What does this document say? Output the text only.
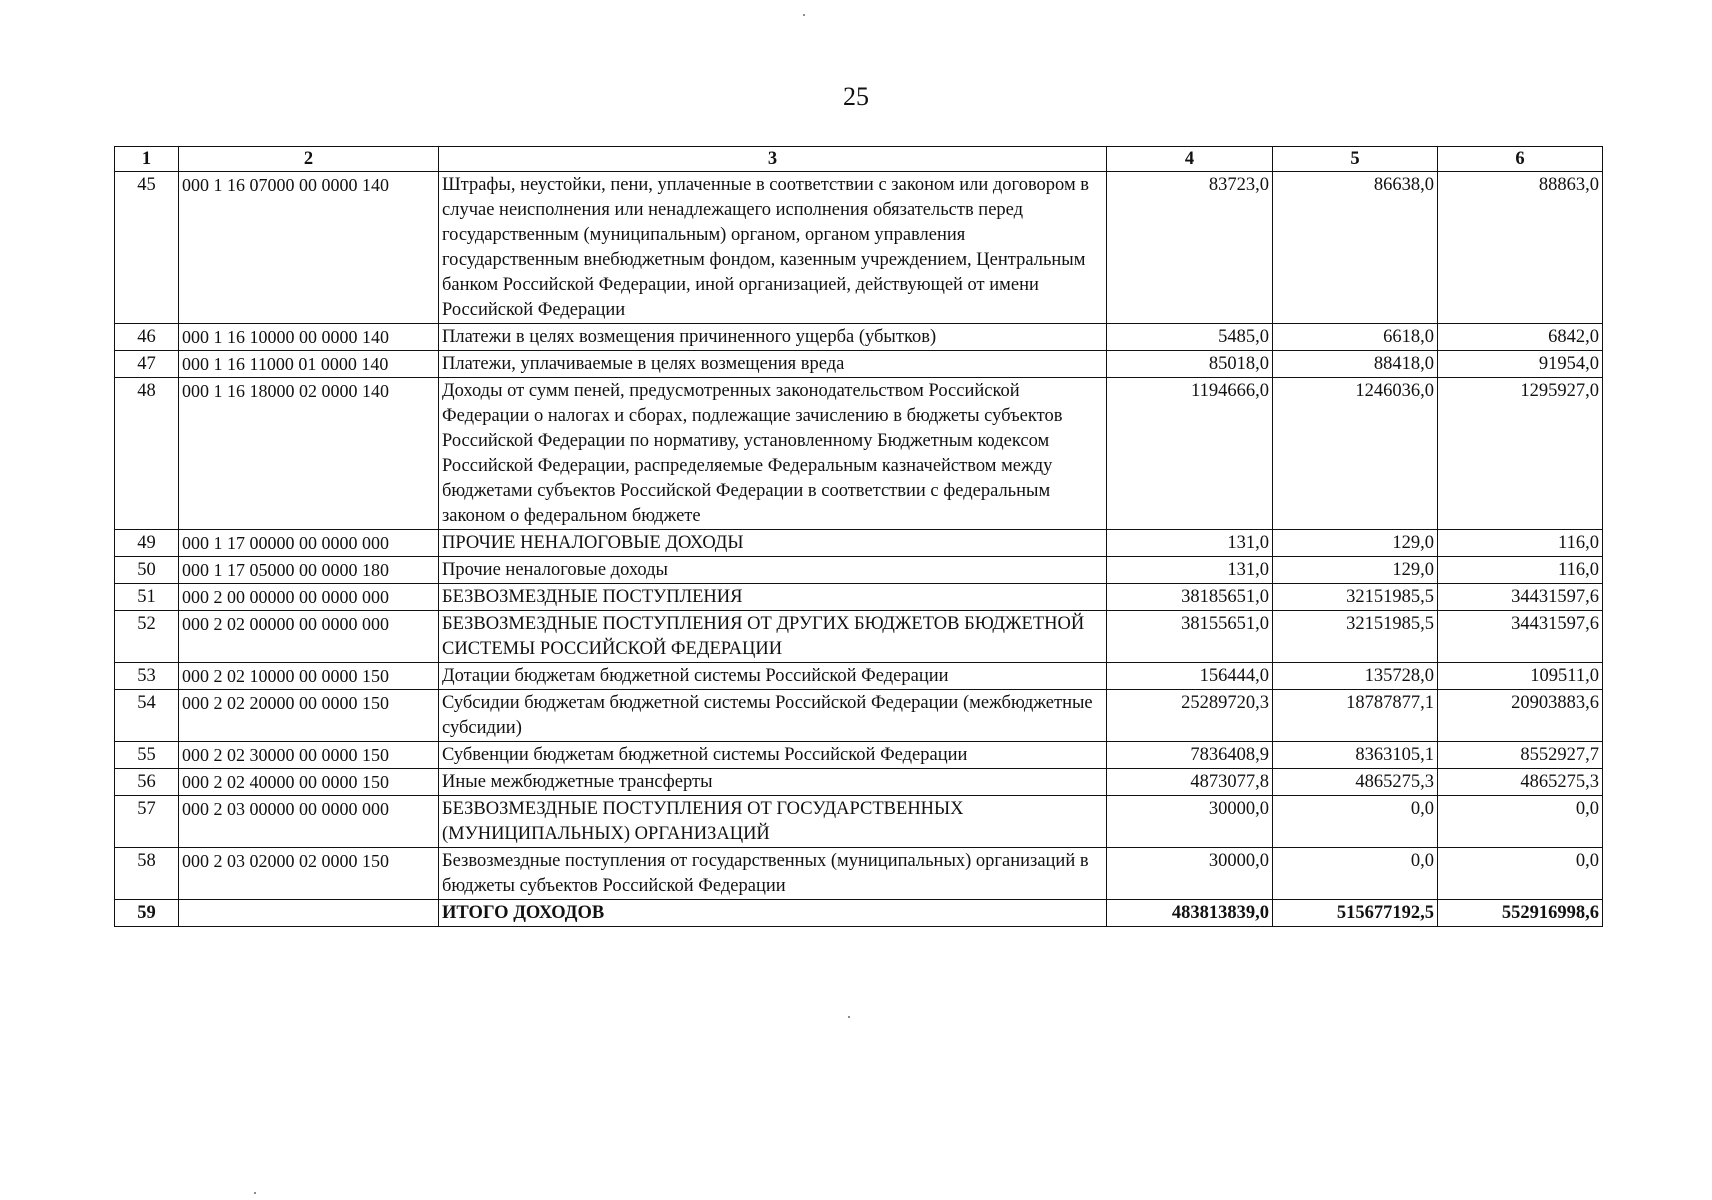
25
1	2	3	4	5	6
45	000 1 16 07000 00 0000 140	Штрафы, неустойки, пени, уплаченные в соответствии с законом или договором в случае неисполнения или ненадлежащего исполнения обязательств перед государственным (муниципальным) органом, органом управления государственным внебюджетным фондом, казенным учреждением, Центральным банком Российской Федерации, иной организацией, действующей от имени Российской Федерации	83723,0	86638,0	88863,0
46	000 1 16 10000 00 0000 140	Платежи в целях возмещения причиненного ущерба (убытков)	5485,0	6618,0	6842,0
47	000 1 16 11000 01 0000 140	Платежи, уплачиваемые в целях возмещения вреда	85018,0	88418,0	91954,0
48	000 1 16 18000 02 0000 140	Доходы от сумм пеней, предусмотренных законодательством Российской Федерации о налогах и сборах, подлежащие зачислению в бюджеты субъектов Российской Федерации по нормативу, установленному Бюджетным кодексом Российской Федерации, распределяемые Федеральным казначейством между бюджетами субъектов Российской Федерации в соответствии с федеральным законом о федеральном бюджете	1194666,0	1246036,0	1295927,0
49	000 1 17 00000 00 0000 000	ПРОЧИЕ НЕНАЛОГОВЫЕ ДОХОДЫ	131,0	129,0	116,0
50	000 1 17 05000 00 0000 180	Прочие неналоговые доходы	131,0	129,0	116,0
51	000 2 00 00000 00 0000 000	БЕЗВОЗМЕЗДНЫЕ ПОСТУПЛЕНИЯ	38185651,0	32151985,5	34431597,6
52	000 2 02 00000 00 0000 000	БЕЗВОЗМЕЗДНЫЕ ПОСТУПЛЕНИЯ ОТ ДРУГИХ БЮДЖЕТОВ БЮДЖЕТНОЙ СИСТЕМЫ РОССИЙСКОЙ ФЕДЕРАЦИИ	38155651,0	32151985,5	34431597,6
53	000 2 02 10000 00 0000 150	Дотации бюджетам бюджетной системы Российской Федерации	156444,0	135728,0	109511,0
54	000 2 02 20000 00 0000 150	Субсидии бюджетам бюджетной системы Российской Федерации (межбюджетные субсидии)	25289720,3	18787877,1	20903883,6
55	000 2 02 30000 00 0000 150	Субвенции бюджетам бюджетной системы Российской Федерации	7836408,9	8363105,1	8552927,7
56	000 2 02 40000 00 0000 150	Иные межбюджетные трансферты	4873077,8	4865275,3	4865275,3
57	000 2 03 00000 00 0000 000	БЕЗВОЗМЕЗДНЫЕ ПОСТУПЛЕНИЯ ОТ ГОСУДАРСТВЕННЫХ (МУНИЦИПАЛЬНЫХ) ОРГАНИЗАЦИЙ	30000,0	0,0	0,0
58	000 2 03 02000 02 0000 150	Безвозмездные поступления от государственных (муниципальных) организаций в бюджеты субъектов Российской Федерации	30000,0	0,0	0,0
59		ИТОГО ДОХОДОВ	483813839,0	515677192,5	552916998,6
